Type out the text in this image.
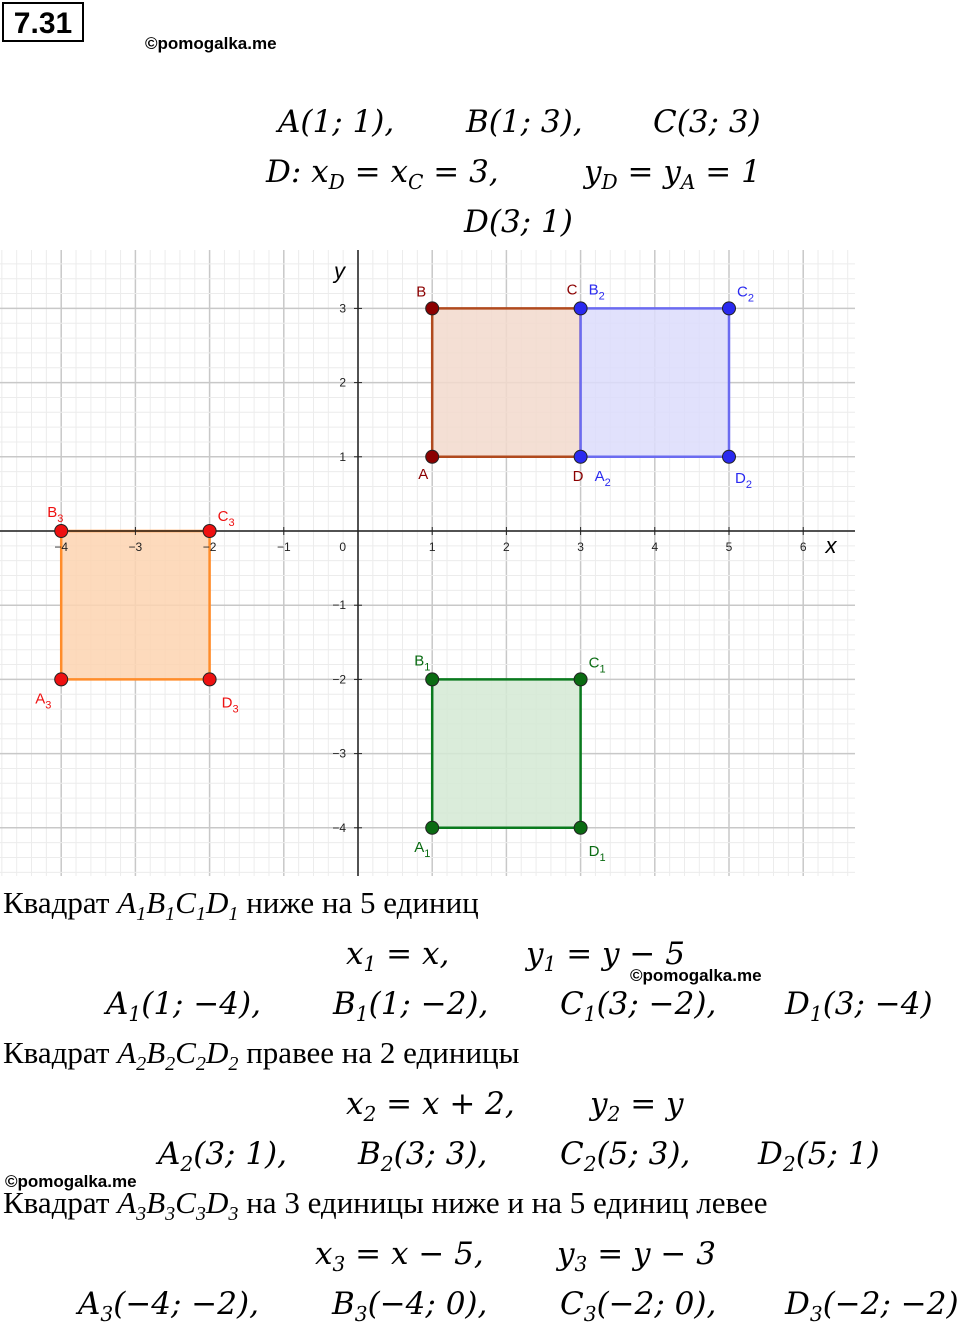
7.31
©pomogalka.me
A(1; 1), B(1; 3), C(3; 3)
D: $x_D = x_C = 3$,	$y_D = y_A = 1$
D(3; 1)
−4	−3	−2	−1	1	2	3	4	5	6
−4
−3
−2
−1
1
2
3
0	x
y
A
B	C
D $A_2$
$B_2$	$C_2$
$D_2$
$A_1$
$B_1$	$C_1$
$D_1$
$A_3$
$B_3$	$C_3$
$D_3$
Квадрат $A_1B_1C_1D_1$ ниже на 5 единиц
$x_1 = x$, $y_1 = y - 5$
©pomogalka.me
$A_1(1$; −4), $B_1(1$; −2), $C_1(3$; −2), $D_1(3$; −4)
Квадрат $A_2B_2C_2D_2$ правее на 2 единицы
$x_2 = x + 2$, $y_2 = y$
$A_2(3$; 1), $B_2(3$; 3), $C_2(5$; 3), $D_2(5$; 1)
©pomogalka.me
Квадрат $A_3B_3C_3D_3$ на 3 единицы ниже и на 5 единиц левее
$x_3 = x - 5$, $y_3 = y - 3$
$A_3(-4$; −2), $B_3(-4$; 0), $C_3(-2$; 0), $D_3(-2$; −2)
